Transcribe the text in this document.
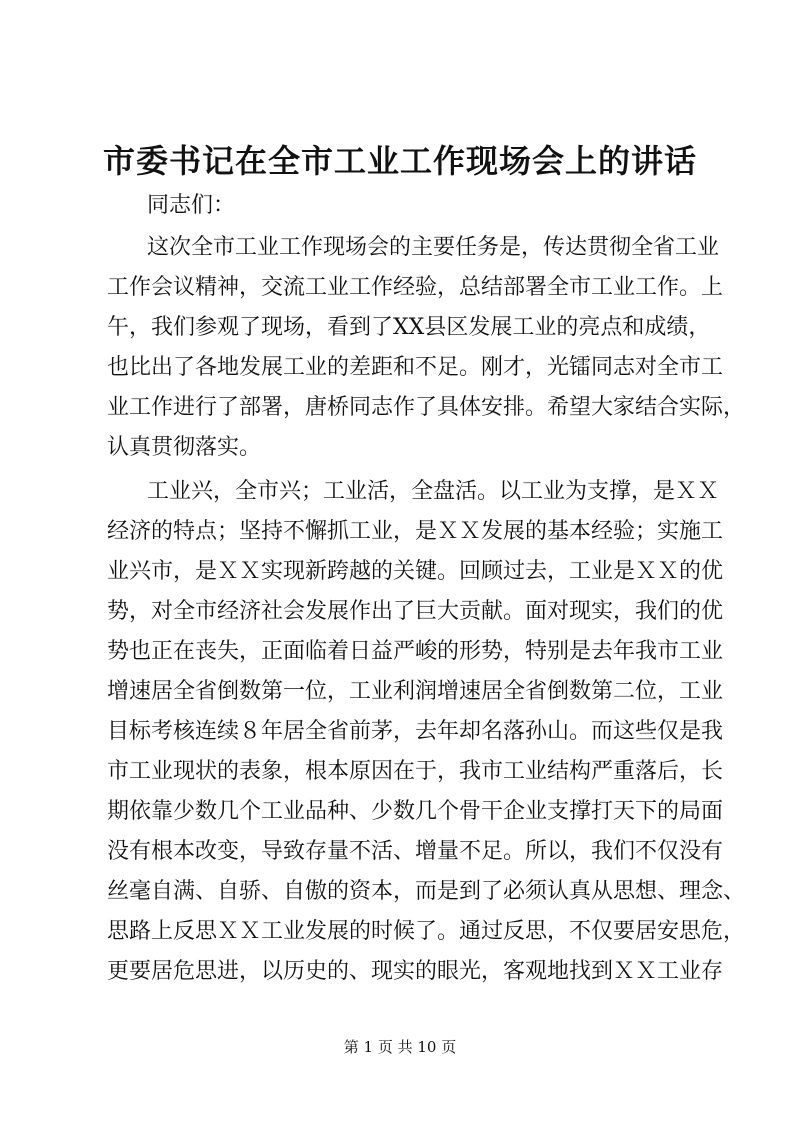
市委书记在全市工业工作现场会上的讲话

同志们：

这次全市工业工作现场会的主要任务是，传达贯彻全省工业
工作会议精神，交流工业工作经验，总结部署全市工业工作。上
午，我们参观了现场，看到了XX县区发展工业的亮点和成绩，
也比出了各地发展工业的差距和不足。刚才，光镭同志对全市工
业工作进行了部署，唐桥同志作了具体安排。希望大家结合实际，
认真贯彻落实。
工业兴，全市兴；工业活，全盘活。以工业为支撑，是ＸＸ
经济的特点；坚持不懈抓工业，是ＸＸ发展的基本经验；实施工
业兴市，是ＸＸ实现新跨越的关键。回顾过去，工业是ＸＸ的优
势，对全市经济社会发展作出了巨大贡献。面对现实，我们的优
势也正在丧失，正面临着日益严峻的形势，特别是去年我市工业
增速居全省倒数第一位，工业利润增速居全省倒数第二位，工业
目标考核连续８年居全省前茅，去年却名落孙山。而这些仅是我
市工业现状的表象，根本原因在于，我市工业结构严重落后，长
期依靠少数几个工业品种、少数几个骨干企业支撑打天下的局面
没有根本改变，导致存量不活、增量不足。所以，我们不仅没有
丝毫自满、自骄、自傲的资本，而是到了必须认真从思想、理念、
思路上反思ＸＸ工业发展的时候了。通过反思，不仅要居安思危，
更要居危思进，以历史的、现实的眼光，客观地找到ＸＸ工业存

第 1 页 共 10 页
